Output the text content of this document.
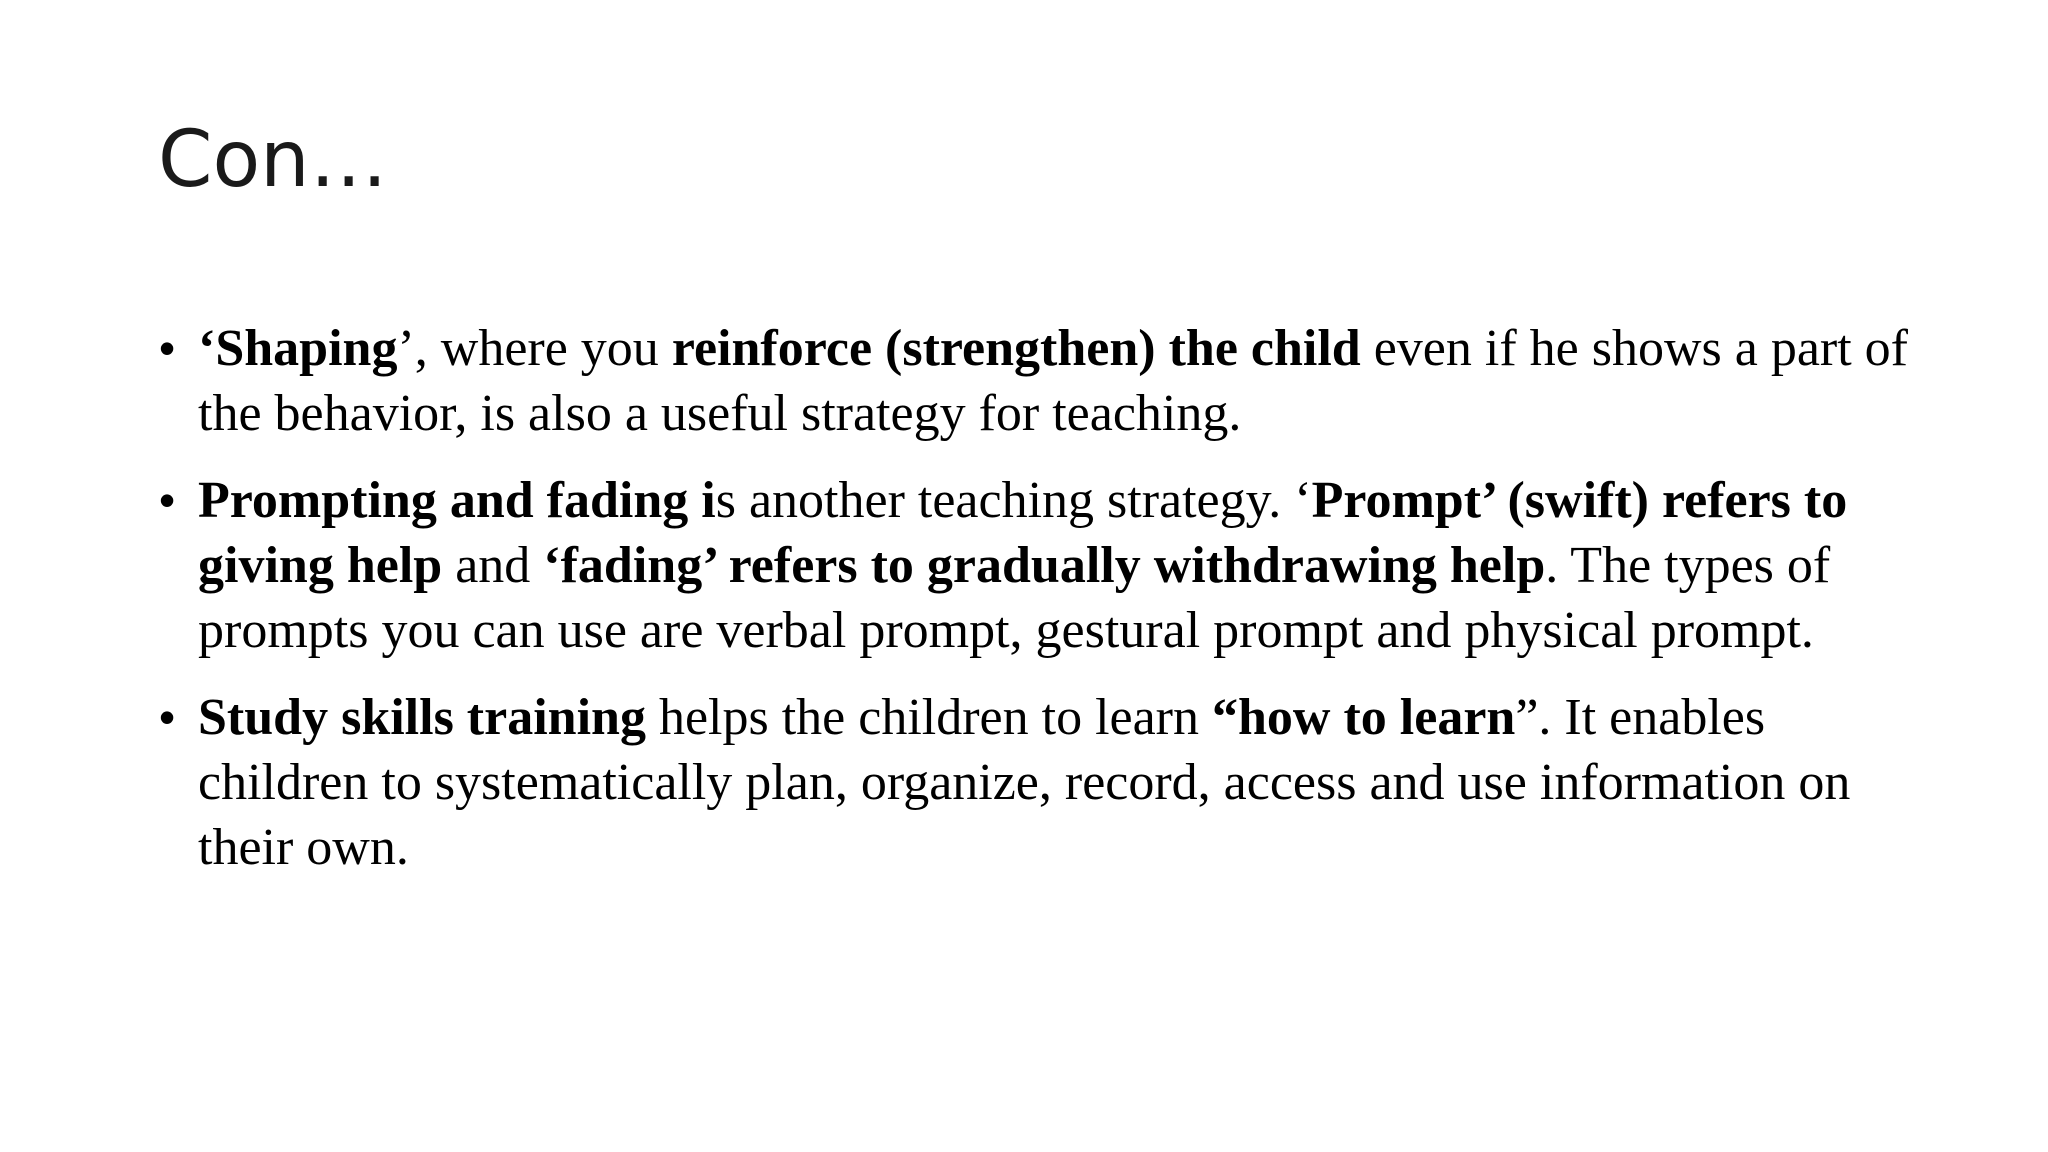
Con…
• ‘Shaping’, where you reinforce (strengthen) the child even if he shows a part of the behavior, is also a useful strategy for teaching.
• Prompting and fading is another teaching strategy. ‘Prompt’ (swift) refers to giving help and ‘fading’ refers to gradually withdrawing help. The types of prompts you can use are verbal prompt, gestural prompt and physical prompt.
• Study skills training helps the children to learn “how to learn”. It enables children to systematically plan, organize, record, access and use information on their own.
